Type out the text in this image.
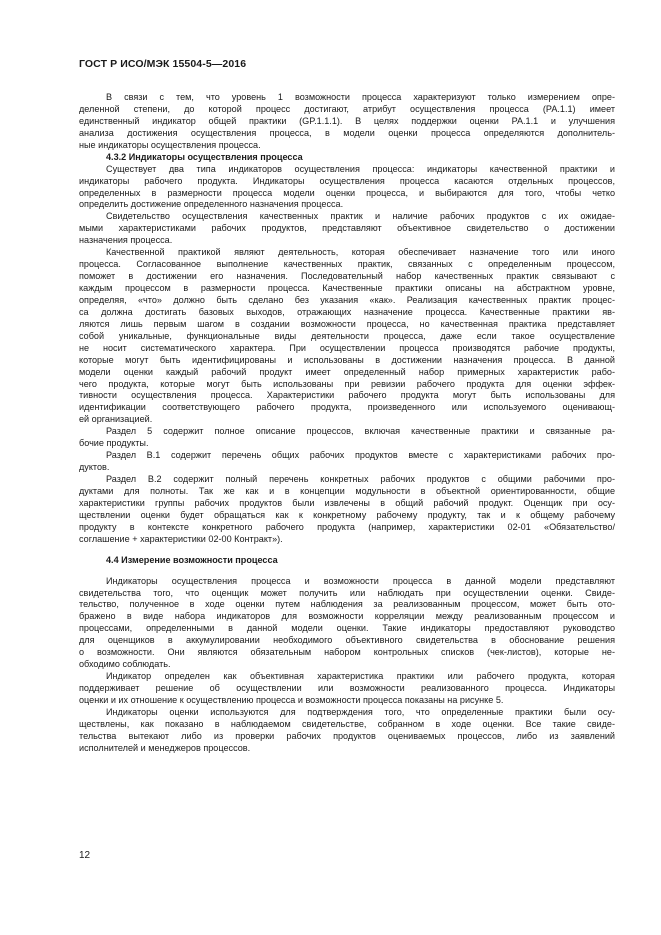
ГОСТ Р ИСО/МЭК 15504-5—2016
В связи с тем, что уровень 1 возможности процесса характеризуют только измерением опре-
деленной степени, до которой процесс достигают, атрибут осуществления процесса (PA.1.1) имеет
единственный индикатор общей практики (GP.1.1.1). В целях поддержки оценки PA.1.1 и улучшения
анализа достижения осуществления процесса, в модели оценки процесса определяются дополнитель-
ные индикаторы осуществления процесса.
4.3.2 Индикаторы осуществления процесса
Существует два типа индикаторов осуществления процесса: индикаторы качественной практики и
индикаторы рабочего продукта. Индикаторы осуществления процесса касаются отдельных процессов,
определенных в размерности процесса модели оценки процесса, и выбираются для того, чтобы четко
определить достижение определенного назначения процесса.
Свидетельство осуществления качественных практик и наличие рабочих продуктов с их ожидае-
мыми характеристиками рабочих продуктов, представляют объективное свидетельство о достижении
назначения процесса.
Качественной практикой являют деятельность, которая обеспечивает назначение того или иного
процесса. Согласованное выполнение качественных практик, связанных с определенным процессом,
поможет в достижении его назначения. Последовательный набор качественных практик связывают с
каждым процессом в размерности процесса. Качественные практики описаны на абстрактном уровне,
определяя, «что» должно быть сделано без указания «как». Реализация качественных практик процес-
са должна достигать базовых выходов, отражающих назначение процесса. Качественные практики яв-
ляются лишь первым шагом в создании возможности процесса, но качественная практика представляет
собой уникальные, функциональные виды деятельности процесса, даже если такое осуществление
не носит систематического характера. При осуществлении процесса производятся рабочие продукты,
которые могут быть идентифицированы и использованы в достижении назначения процесса. В данной
модели оценки каждый рабочий продукт имеет определенный набор примерных характеристик рабо-
чего продукта, которые могут быть использованы при ревизии рабочего продукта для оценки эффек-
тивности осуществления процесса. Характеристики рабочего продукта могут быть использованы для
идентификации соответствующего рабочего продукта, произведенного или используемого оценивающ-
ей организацией.
Раздел 5 содержит полное описание процессов, включая качественные практики и связанные ра-
бочие продукты.
Раздел B.1 содержит перечень общих рабочих продуктов вместе с характеристиками рабочих про-
дуктов.
Раздел B.2 содержит полный перечень конкретных рабочих продуктов с общими рабочими про-
дуктами для полноты. Так же как и в концепции модульности в объектной ориентированности, общие
характеристики группы рабочих продуктов были извлечены в общий рабочий продукт. Оценщик при осу-
ществлении оценки будет обращаться как к конкретному рабочему продукту, так и к общему рабочему
продукту в контексте конкретного рабочего продукта (например, характеристики 02-01 «Обязательство/
соглашение + характеристики 02-00 Контракт»).
4.4 Измерение возможности процесса
Индикаторы осуществления процесса и возможности процесса в данной модели представляют
свидетельства того, что оценщик может получить или наблюдать при осуществлении оценки. Свиде-
тельство, полученное в ходе оценки путем наблюдения за реализованным процессом, может быть ото-
бражено в виде набора индикаторов для возможности корреляции между реализованным процессом и
процессами, определенными в данной модели оценки. Такие индикаторы предоставляют руководство
для оценщиков в аккумулировании необходимого объективного свидетельства в обоснование решения
о возможности. Они являются обязательным набором контрольных списков (чек-листов), которые не-
обходимо соблюдать.
Индикатор определен как объективная характеристика практики или рабочего продукта, которая
поддерживает решение об осуществлении или возможности реализованного процесса. Индикаторы
оценки и их отношение к осуществлению процесса и возможности процесса показаны на рисунке 5.
Индикаторы оценки используются для подтверждения того, что определенные практики были осу-
ществлены, как показано в наблюдаемом свидетельстве, собранном в ходе оценки. Все такие свиде-
тельства вытекают либо из проверки рабочих продуктов оцениваемых процессов, либо из заявлений
исполнителей и менеджеров процессов.
12
